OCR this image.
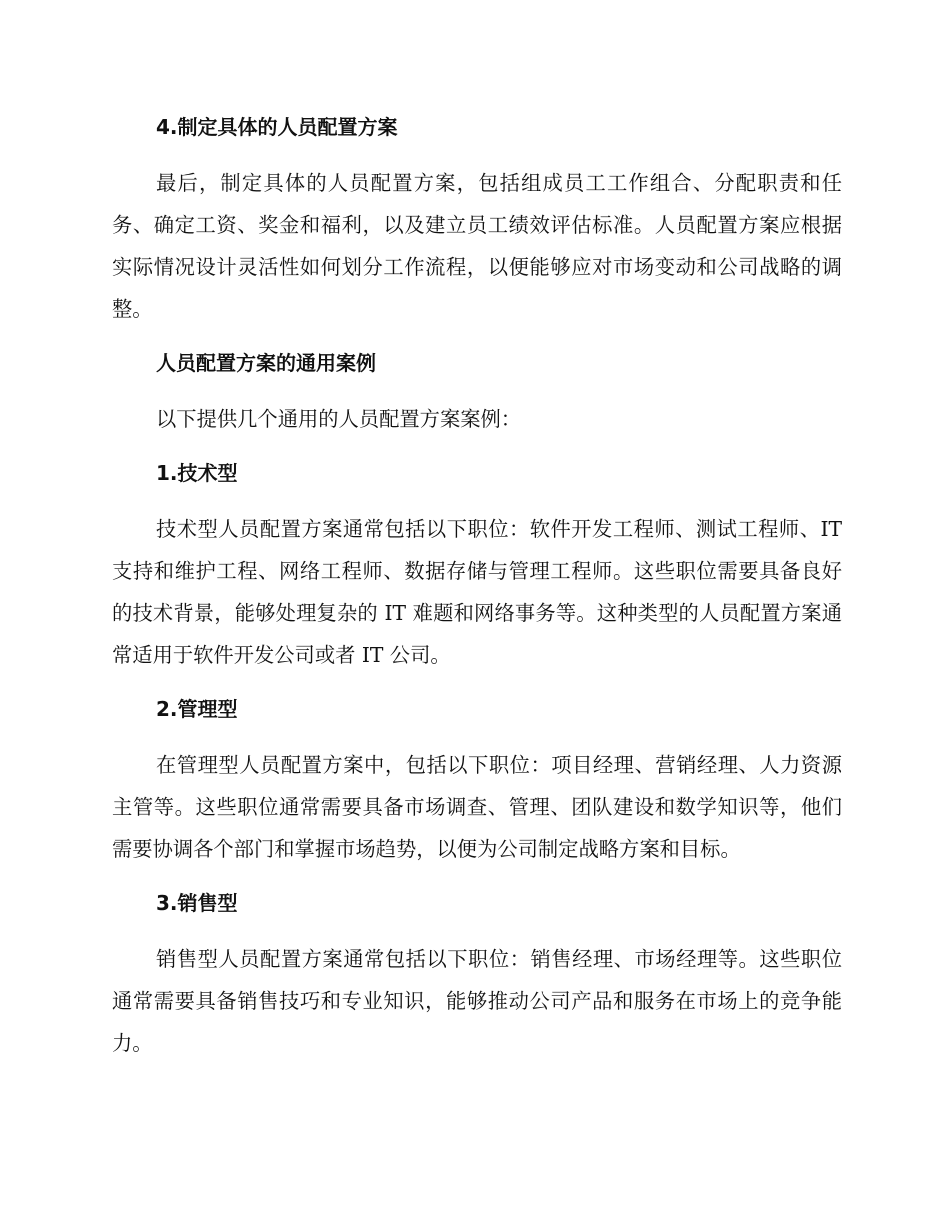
4.制定具体的人员配置方案

最后，制定具体的人员配置方案，包括组成员工工作组合、分配职责和任务、确定工资、奖金和福利，以及建立员工绩效评估标准。人员配置方案应根据实际情况设计灵活性如何划分工作流程，以便能够应对市场变动和公司战略的调整。

人员配置方案的通用案例

以下提供几个通用的人员配置方案案例：

1.技术型

技术型人员配置方案通常包括以下职位：软件开发工程师、测试工程师、IT 支持和维护工程、网络工程师、数据存储与管理工程师。这些职位需要具备良好的技术背景，能够处理复杂的 IT 难题和网络事务等。这种类型的人员配置方案通常适用于软件开发公司或者 IT 公司。

2.管理型

在管理型人员配置方案中，包括以下职位：项目经理、营销经理、人力资源主管等。这些职位通常需要具备市场调查、管理、团队建设和数学知识等，他们需要协调各个部门和掌握市场趋势，以便为公司制定战略方案和目标。

3.销售型

销售型人员配置方案通常包括以下职位：销售经理、市场经理等。这些职位通常需要具备销售技巧和专业知识，能够推动公司产品和服务在市场上的竞争能力。
